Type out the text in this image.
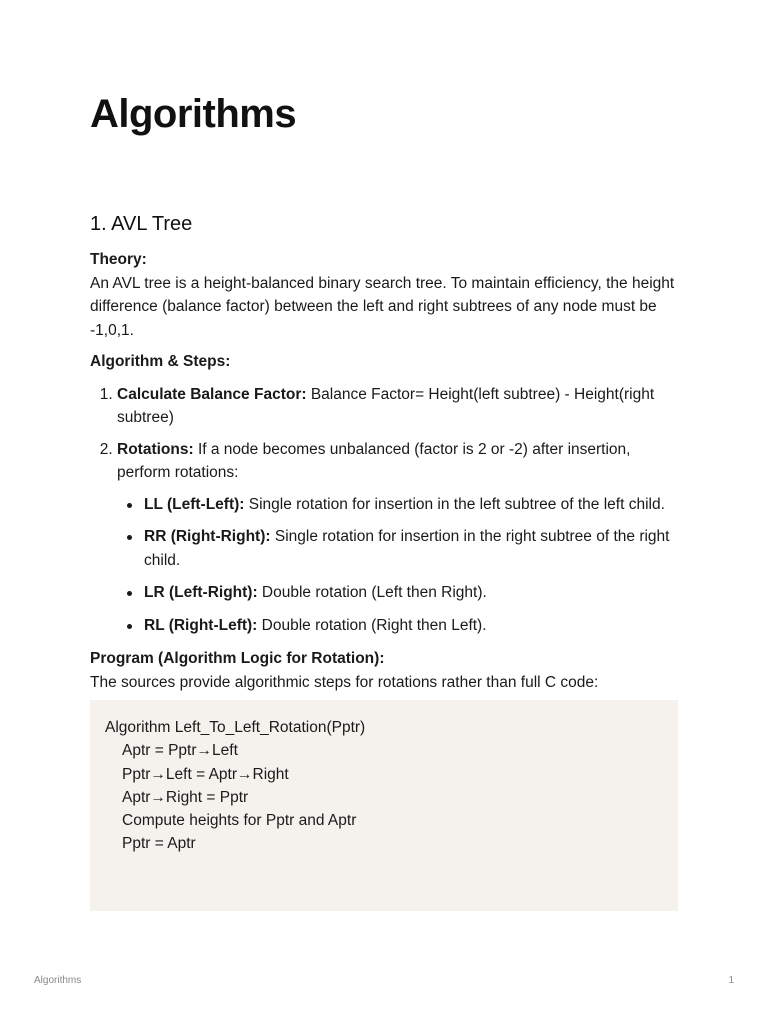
Algorithms
1. AVL Tree

Theory:

An AVL tree is a height-balanced binary search tree. To maintain efficiency, the height difference (balance factor) between the left and right subtrees of any node must be -1,0,1.

Algorithm & Steps:

1. Calculate Balance Factor: Balance Factor= Height(left subtree) - Height(right subtree)
2. Rotations: If a node becomes unbalanced (factor is 2 or -2) after insertion, perform rotations:
LL (Left-Left): Single rotation for insertion in the left subtree of the left child.
RR (Right-Right): Single rotation for insertion in the right subtree of the right child.
LR (Left-Right): Double rotation (Left then Right).
RL (Right-Left): Double rotation (Right then Left).

Program (Algorithm Logic for Rotation):

The sources provide algorithmic steps for rotations rather than full C code:

Algorithm Left_To_Left_Rotation(Pptr)
Aptr = Pptr→Left
Pptr→Left = Aptr→Right
Aptr→Right = Pptr
Compute heights for Pptr and Aptr
Pptr = Aptr
Algorithms	1
